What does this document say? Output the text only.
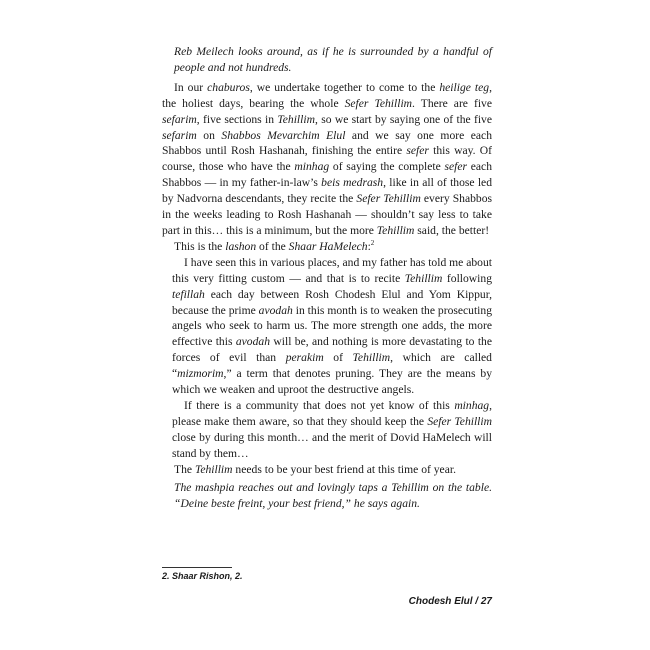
Reb Meilech looks around, as if he is surrounded by a handful of people and not hundreds.

In our chaburos, we undertake together to come to the heilige teg, the holiest days, bearing the whole Sefer Tehillim. There are five sefarim, five sections in Tehillim, so we start by saying one of the five sefarim on Shabbos Mevarchim Elul and we say one more each Shabbos until Rosh Hashanah, finishing the entire sefer this way. Of course, those who have the minhag of saying the complete sefer each Shabbos — in my father-in-law’s beis medrash, like in all of those led by Nadvorna descendants, they recite the Sefer Tehillim every Shabbos in the weeks leading to Rosh Hashanah — shouldn’t say less to take part in this… this is a minimum, but the more Tehillim said, the better!

This is the lashon of the Shaar HaMelech:$^2$

I have seen this in various places, and my father has told me about this very fitting custom — and that is to recite Tehillim following tefillah each day between Rosh Chodesh Elul and Yom Kippur, because the prime avodah in this month is to weaken the prosecuting angels who seek to harm us. The more strength one adds, the more effective this avodah will be, and nothing is more devastating to the forces of evil than perakim of Tehillim, which are called “mizmorim,” a term that denotes pruning. They are the means by which we weaken and uproot the destructive angels.

If there is a community that does not yet know of this minhag, please make them aware, so that they should keep the Sefer Tehillim close by during this month… and the merit of Dovid HaMelech will stand by them…

The Tehillim needs to be your best friend at this time of year.

The mashpia reaches out and lovingly taps a Tehillim on the table. “Deine beste freint, your best friend,” he says again.

2. Shaar Rishon, 2.
Chodesh Elul / 27
